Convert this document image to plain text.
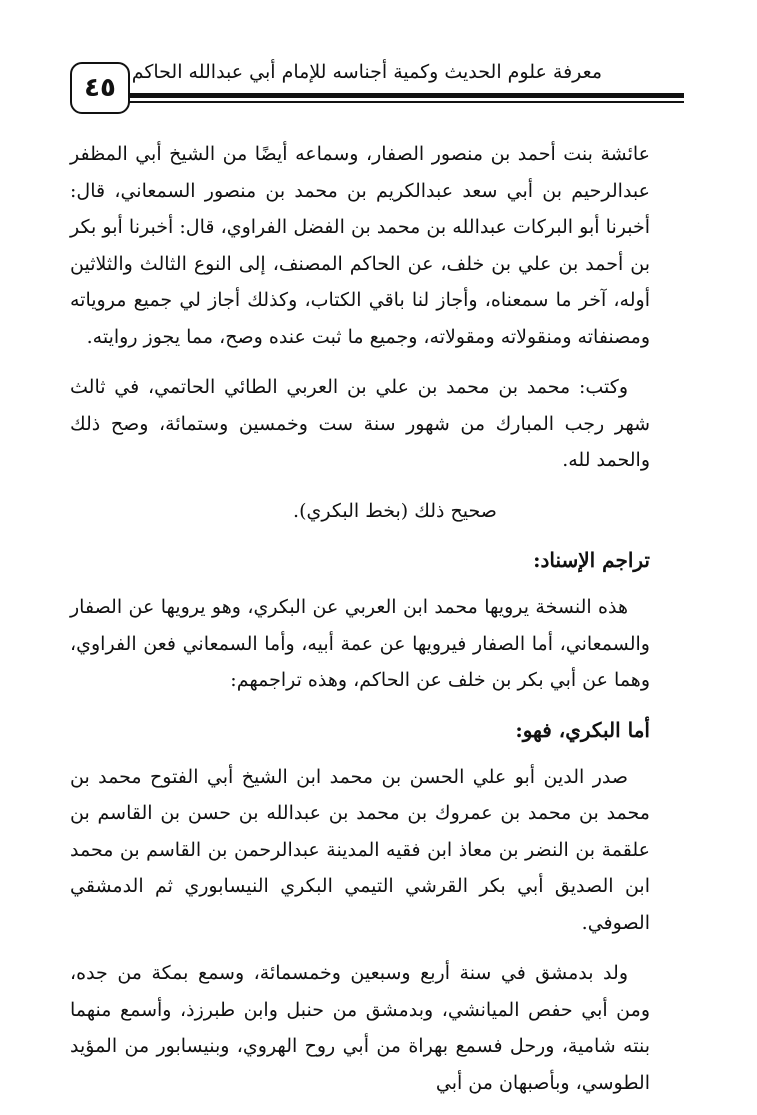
معرفة علوم الحديث وكمية أجناسه للإمام أبي عبدالله الحاكم
٤٥

عائشة بنت أحمد بن منصور الصفار، وسماعه أيضًا من الشيخ أبي المظفر عبدالرحيم بن أبي سعد عبدالكريم بن محمد بن منصور السمعاني، قال: أخبرنا أبو البركات عبدالله بن محمد بن الفضل الفراوي، قال: أخبرنا أبو بكر بن أحمد بن علي بن خلف، عن الحاكم المصنف، إلى النوع الثالث والثلاثين أوله، آخر ما سمعناه، وأجاز لنا باقي الكتاب، وكذلك أجاز لي جميع مروياته ومصنفاته ومنقولاته ومقولاته، وجميع ما ثبت عنده وصح، مما يجوز روايته.

وكتب: محمد بن محمد بن علي بن العربي الطائي الحاتمي، في ثالث شهر رجب المبارك من شهور سنة ست وخمسين وستمائة، وصح ذلك والحمد لله.

صحيح ذلك (بخط البكري).

تراجم الإسناد:

هذه النسخة يرويها محمد ابن العربي عن البكري، وهو يرويها عن الصفار والسمعاني، أما الصفار فيرويها عن عمة أبيه، وأما السمعاني فعن الفراوي، وهما عن أبي بكر بن خلف عن الحاكم، وهذه تراجمهم:

أما البكري، فهو:

صدر الدين أبو علي الحسن بن محمد ابن الشيخ أبي الفتوح محمد بن محمد بن محمد بن عمروك بن محمد بن عبدالله بن حسن بن القاسم بن علقمة بن النضر بن معاذ ابن فقيه المدينة عبدالرحمن بن القاسم بن محمد ابن الصديق أبي بكر القرشي التيمي البكري النيسابوري ثم الدمشقي الصوفي.

ولد بدمشق في سنة أربع وسبعين وخمسمائة، وسمع بمكة من جده، ومن أبي حفص الميانشي، وبدمشق من حنبل وابن طبرزذ، وأسمع منهما بنته شامية، ورحل فسمع بهراة من أبي روح الهروي، وبنيسابور من المؤيد الطوسي، وبأصبهان من أبي
